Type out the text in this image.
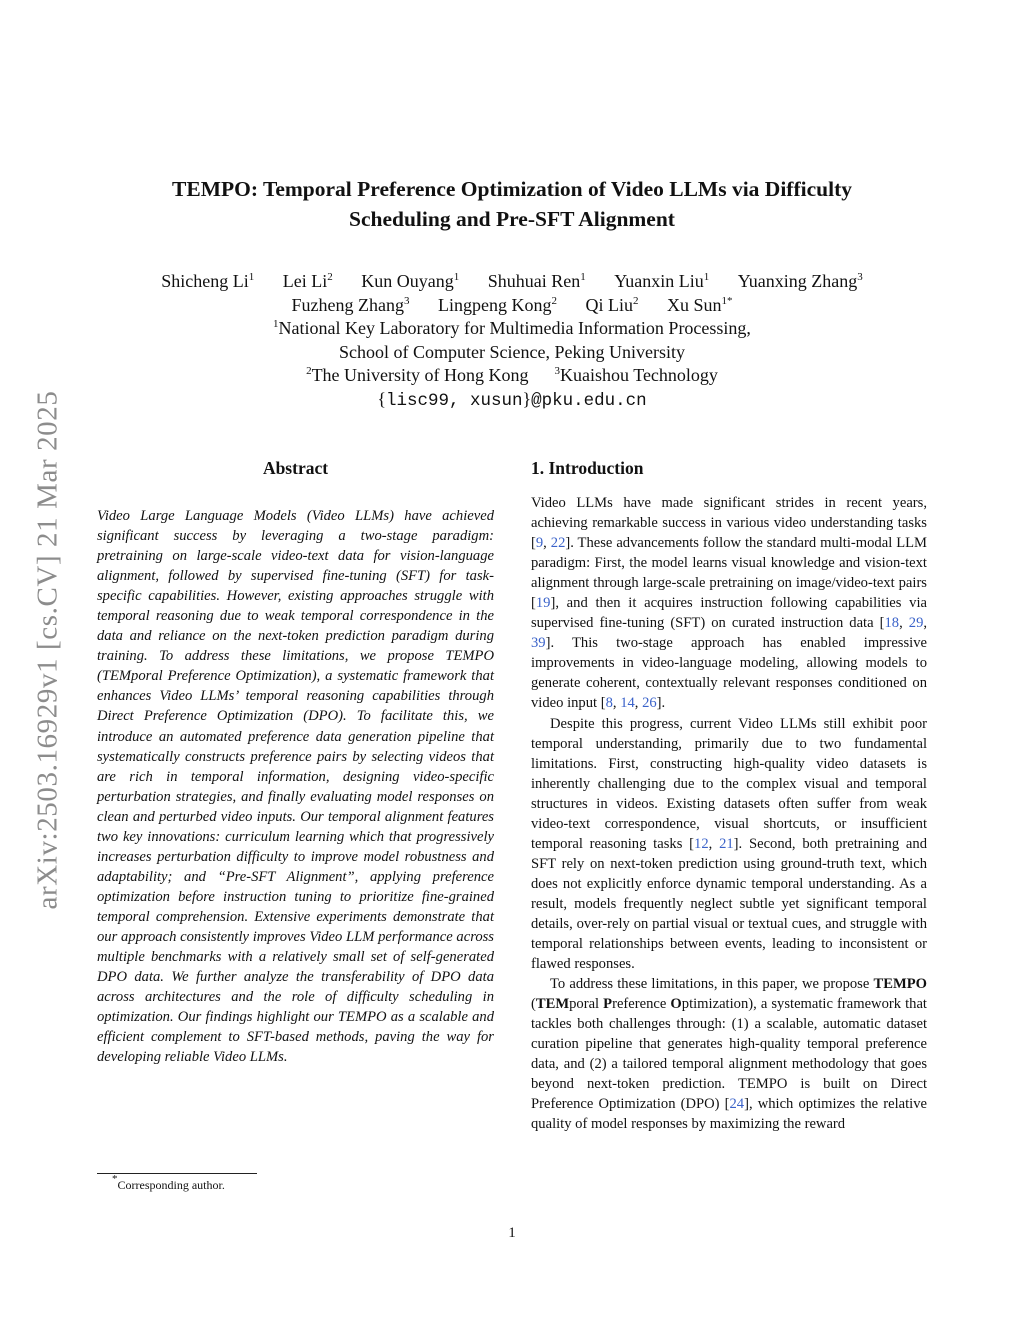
arXiv:2503.16929v1 [cs.CV] 21 Mar 2025
TEMPO: Temporal Preference Optimization of Video LLMs via Difficulty
Scheduling and Pre-SFT Alignment
Shicheng Li$^1$ Lei Li$^2$ Kun Ouyang$^1$ Shuhuai Ren$^1$ Yuanxin Liu$^1$ Yuanxing Zhang$^3$
Fuzheng Zhang$^3$ Lingpeng Kong$^2$ Qi Liu$^2$ Xu Sun$^{1*}$
$^1$National Key Laboratory for Multimedia Information Processing,
School of Computer Science, Peking University
$^2$The University of Hong Kong $^3$Kuaishou Technology
{lisc99, xusun}@pku.edu.cn
Abstract

Video Large Language Models (Video LLMs) have achieved significant success by leveraging a two-stage paradigm: pretraining on large-scale video-text data for vision-language alignment, followed by supervised fine-tuning (SFT) for task-specific capabilities. However, existing approaches struggle with temporal reasoning due to weak temporal correspondence in the data and reliance on the next-token prediction paradigm during training. To address these limitations, we propose TEMPO (TEMporal Preference Optimization), a systematic framework that enhances Video LLMs’ temporal reasoning capabilities through Direct Preference Optimization (DPO). To facilitate this, we introduce an automated preference data generation pipeline that systematically constructs preference pairs by selecting videos that are rich in temporal information, designing video-specific perturbation strategies, and finally evaluating model responses on clean and perturbed video inputs. Our temporal alignment features two key innovations: curriculum learning which that progressively increases perturbation difficulty to improve model robustness and adaptability; and “Pre-SFT Alignment”, applying preference optimization before instruction tuning to prioritize fine-grained temporal comprehension. Extensive experiments demonstrate that our approach consistently improves Video LLM performance across multiple benchmarks with a relatively small set of self-generated DPO data. We further analyze the transferability of DPO data across architectures and the role of difficulty scheduling in optimization. Our findings highlight our TEMPO as a scalable and efficient complement to SFT-based methods, paving the way for developing reliable Video LLMs.

1. Introduction

Video LLMs have made significant strides in recent years, achieving remarkable success in various video understanding tasks [9, 22]. These advancements follow the standard multi-modal LLM paradigm: First, the model learns visual knowledge and vision-text alignment through large-scale pretraining on image/video-text pairs [19], and then it acquires instruction following capabilities via supervised fine-tuning (SFT) on curated instruction data [18, 29, 39]. This two-stage approach has enabled impressive improvements in video-language modeling, allowing models to generate coherent, contextually relevant responses conditioned on video input [8, 14, 26].

Despite this progress, current Video LLMs still exhibit poor temporal understanding, primarily due to two fundamental limitations. First, constructing high-quality video datasets is inherently challenging due to the complex visual and temporal structures in videos. Existing datasets often suffer from weak video-text correspondence, visual shortcuts, or insufficient temporal reasoning tasks [12, 21]. Second, both pretraining and SFT rely on next-token prediction using ground-truth text, which does not explicitly enforce dynamic temporal understanding. As a result, models frequently neglect subtle yet significant temporal details, over-rely on partial visual or textual cues, and struggle with temporal relationships between events, leading to inconsistent or flawed responses.

To address these limitations, in this paper, we propose TEMPO (TEMporal Preference Optimization), a systematic framework that tackles both challenges through: (1) a scalable, automatic dataset curation pipeline that generates high-quality temporal preference data, and (2) a tailored temporal alignment methodology that goes beyond next-token prediction. TEMPO is built on Direct Preference Optimization (DPO) [24], which optimizes the relative quality of model responses by maximizing the reward

*Corresponding author.
1
